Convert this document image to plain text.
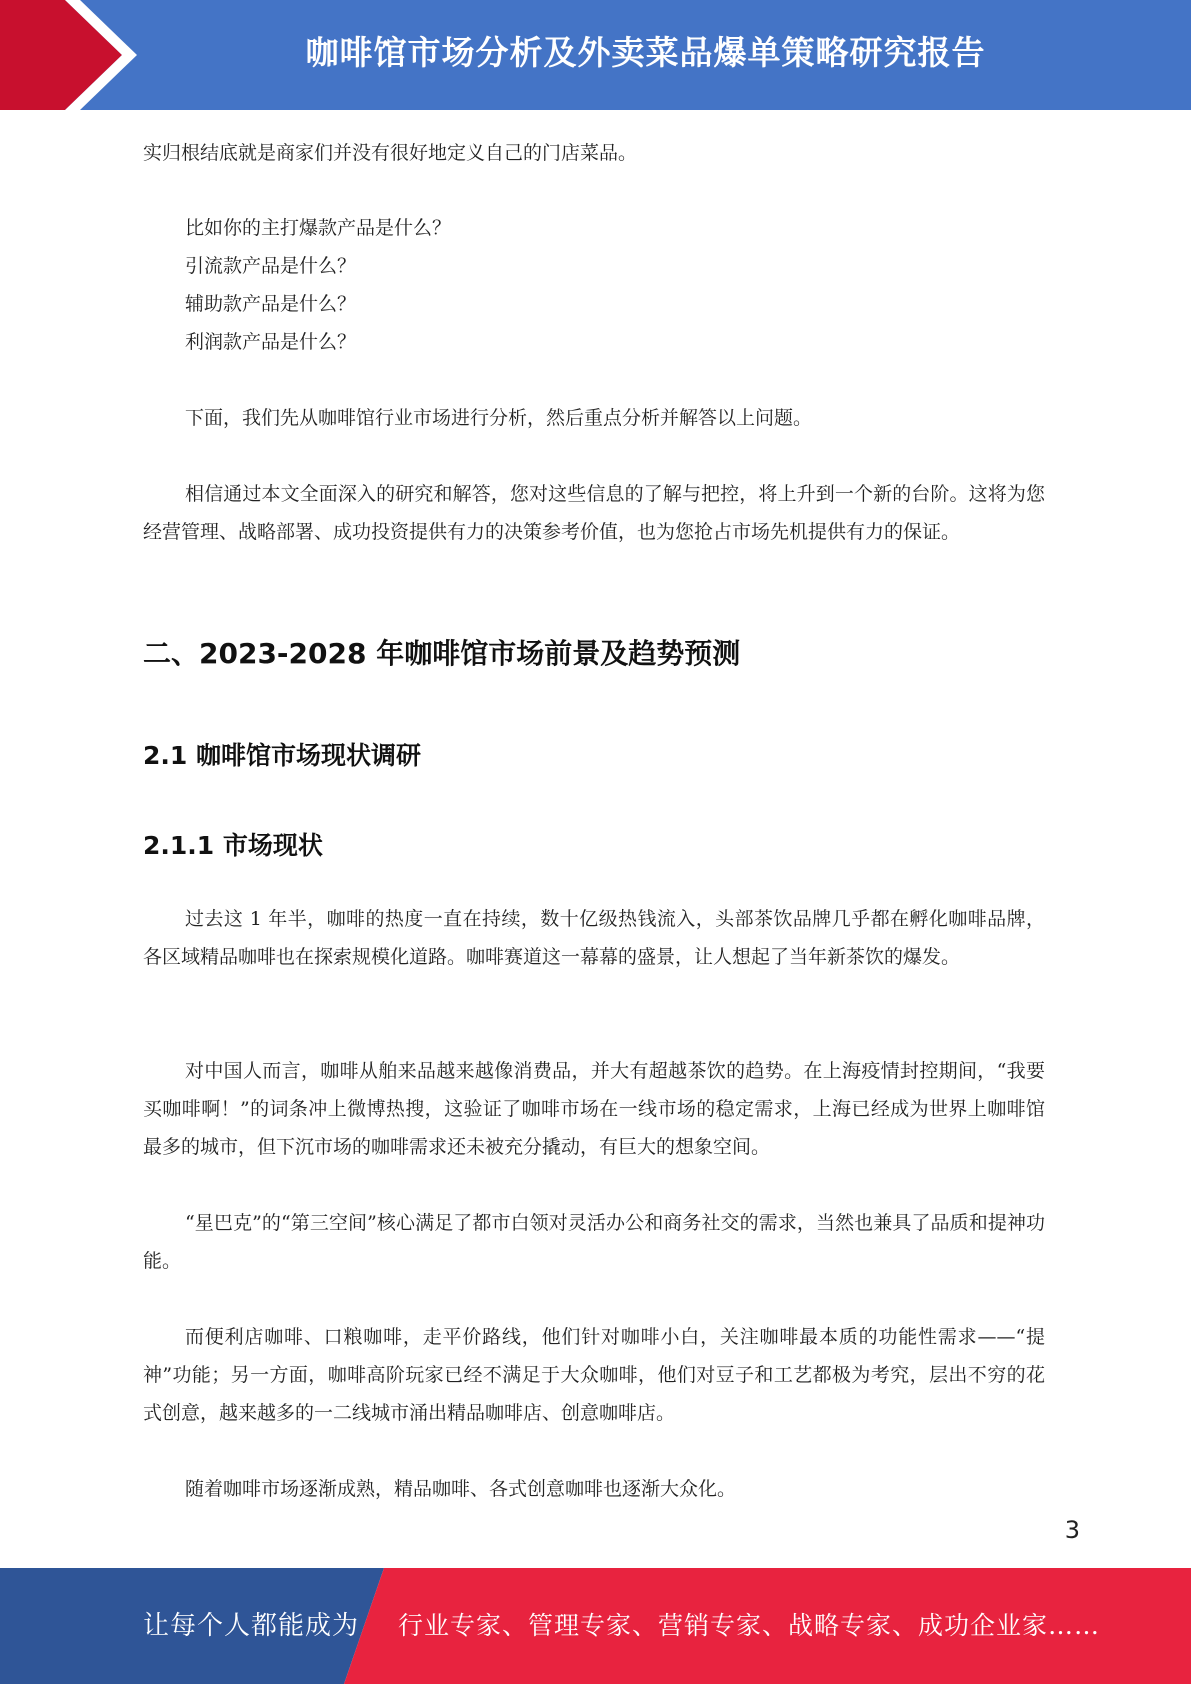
咖啡馆市场分析及外卖菜品爆单策略研究报告

实归根结底就是商家们并没有很好地定义自己的门店菜品。

比如你的主打爆款产品是什么？
引流款产品是什么？
辅助款产品是什么？
利润款产品是什么？

下面，我们先从咖啡馆行业市场进行分析，然后重点分析并解答以上问题。

相信通过本文全面深入的研究和解答，您对这些信息的了解与把控，将上升到一个新的台阶。这将为您经营管理、战略部署、成功投资提供有力的决策参考价值，也为您抢占市场先机提供有力的保证。

二、2023-2028 年咖啡馆市场前景及趋势预测
2.1 咖啡馆市场现状调研
2.1.1 市场现状

过去这 1 年半，咖啡的热度一直在持续，数十亿级热钱流入，头部茶饮品牌几乎都在孵化咖啡品牌，各区域精品咖啡也在探索规模化道路。咖啡赛道这一幕幕的盛景，让人想起了当年新茶饮的爆发。

对中国人而言，咖啡从舶来品越来越像消费品，并大有超越茶饮的趋势。在上海疫情封控期间，“我要买咖啡啊！”的词条冲上微博热搜，这验证了咖啡市场在一线市场的稳定需求，上海已经成为世界上咖啡馆最多的城市，但下沉市场的咖啡需求还未被充分撬动，有巨大的想象空间。

“星巴克”的“第三空间”核心满足了都市白领对灵活办公和商务社交的需求，当然也兼具了品质和提神功能。

而便利店咖啡、口粮咖啡，走平价路线，他们针对咖啡小白，关注咖啡最本质的功能性需求——“提神”功能；另一方面，咖啡高阶玩家已经不满足于大众咖啡，他们对豆子和工艺都极为考究，层出不穷的花式创意，越来越多的一二线城市涌出精品咖啡店、创意咖啡店。

随着咖啡市场逐渐成熟，精品咖啡、各式创意咖啡也逐渐大众化。

3
让每个人都能成为 行业专家、管理专家、营销专家、战略专家、成功企业家……
